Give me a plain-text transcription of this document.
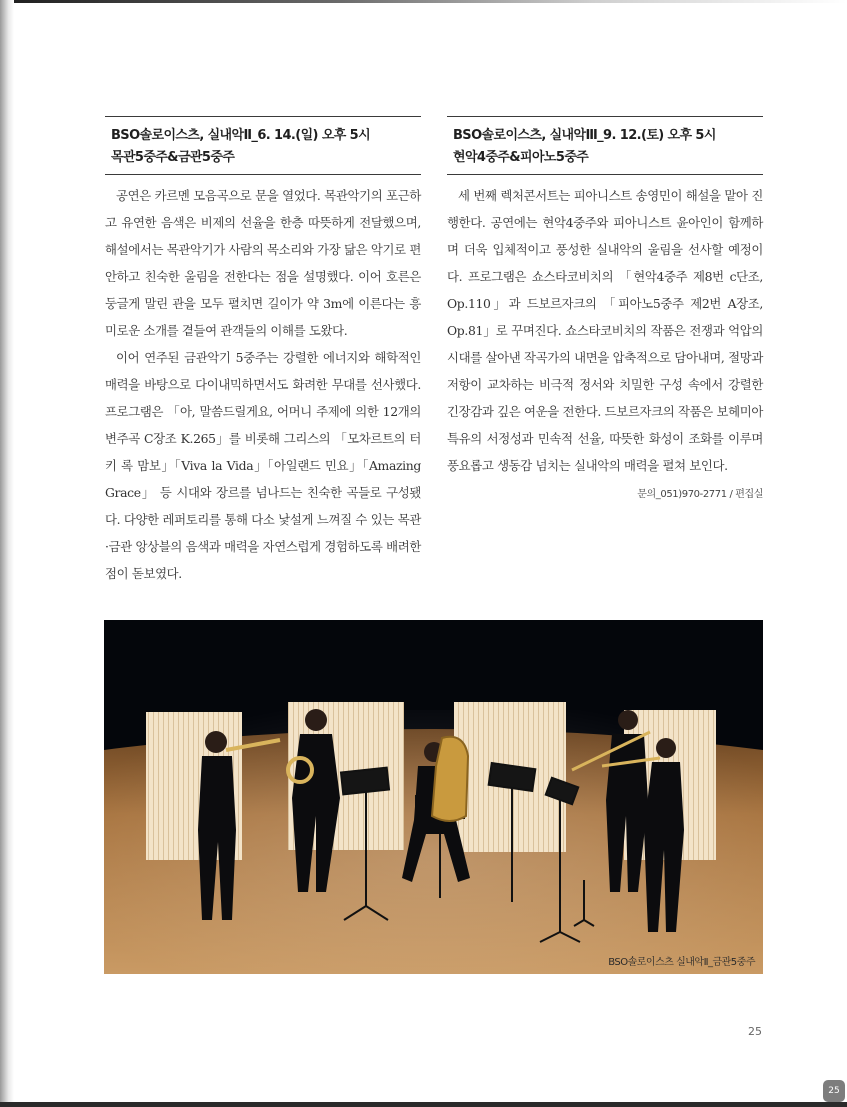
BSO솔로이스츠, 실내악Ⅱ_6. 14.(일) 오후 5시
목관5중주&금관5중주

공연은 카르멘 모음곡으로 문을 열었다. 목관악기의 포근하고 유연한 음색은 비제의 선율을 한층 따뜻하게 전달했으며, 해설에서는 목관악기가 사람의 목소리와 가장 닮은 악기로 편안하고 친숙한 울림을 전한다는 점을 설명했다. 이어 호른은 둥글게 말린 관을 모두 펼치면 길이가 약 3m에 이른다는 흥미로운 소개를 곁들여 관객들의 이해를 도왔다.

이어 연주된 금관악기 5중주는 강렬한 에너지와 해학적인 매력을 바탕으로 다이내믹하면서도 화려한 무대를 선사했다. 프로그램은 「아, 말씀드릴게요, 어머니 주제에 의한 12개의 변주곡 C장조 K.265」를 비롯해 그리스의 「모차르트의 터키 록 맘보」「Viva la Vida」「아일랜드 민요」「Amazing Grace」 등 시대와 장르를 넘나드는 친숙한 곡들로 구성됐다. 다양한 레퍼토리를 통해 다소 낯설게 느껴질 수 있는 목관·금관 앙상블의 음색과 매력을 자연스럽게 경험하도록 배려한 점이 돋보였다.

BSO솔로이스츠, 실내악Ⅲ_9. 12.(토) 오후 5시
현악4중주&피아노5중주

세 번째 렉처콘서트는 피아니스트 송영민이 해설을 맡아 진행한다. 공연에는 현악4중주와 피아니스트 윤아인이 함께하며 더욱 입체적이고 풍성한 실내악의 울림을 선사할 예정이다. 프로그램은 쇼스타코비치의 「현악4중주 제8번 c단조, Op.110」과 드보르자크의 「피아노5중주 제2번 A장조, Op.81」로 꾸며진다. 쇼스타코비치의 작품은 전쟁과 억압의 시대를 살아낸 작곡가의 내면을 압축적으로 담아내며, 절망과 저항이 교차하는 비극적 정서와 치밀한 구성 속에서 강렬한 긴장감과 깊은 여운을 전한다. 드보르자크의 작품은 보헤미아 특유의 서정성과 민속적 선율, 따뜻한 화성이 조화를 이루며 풍요롭고 생동감 넘치는 실내악의 매력을 펼쳐 보인다.

문의_051)970-2771 / 편집실
BSO솔로이스츠 실내악Ⅱ_금관5중주
25
25
